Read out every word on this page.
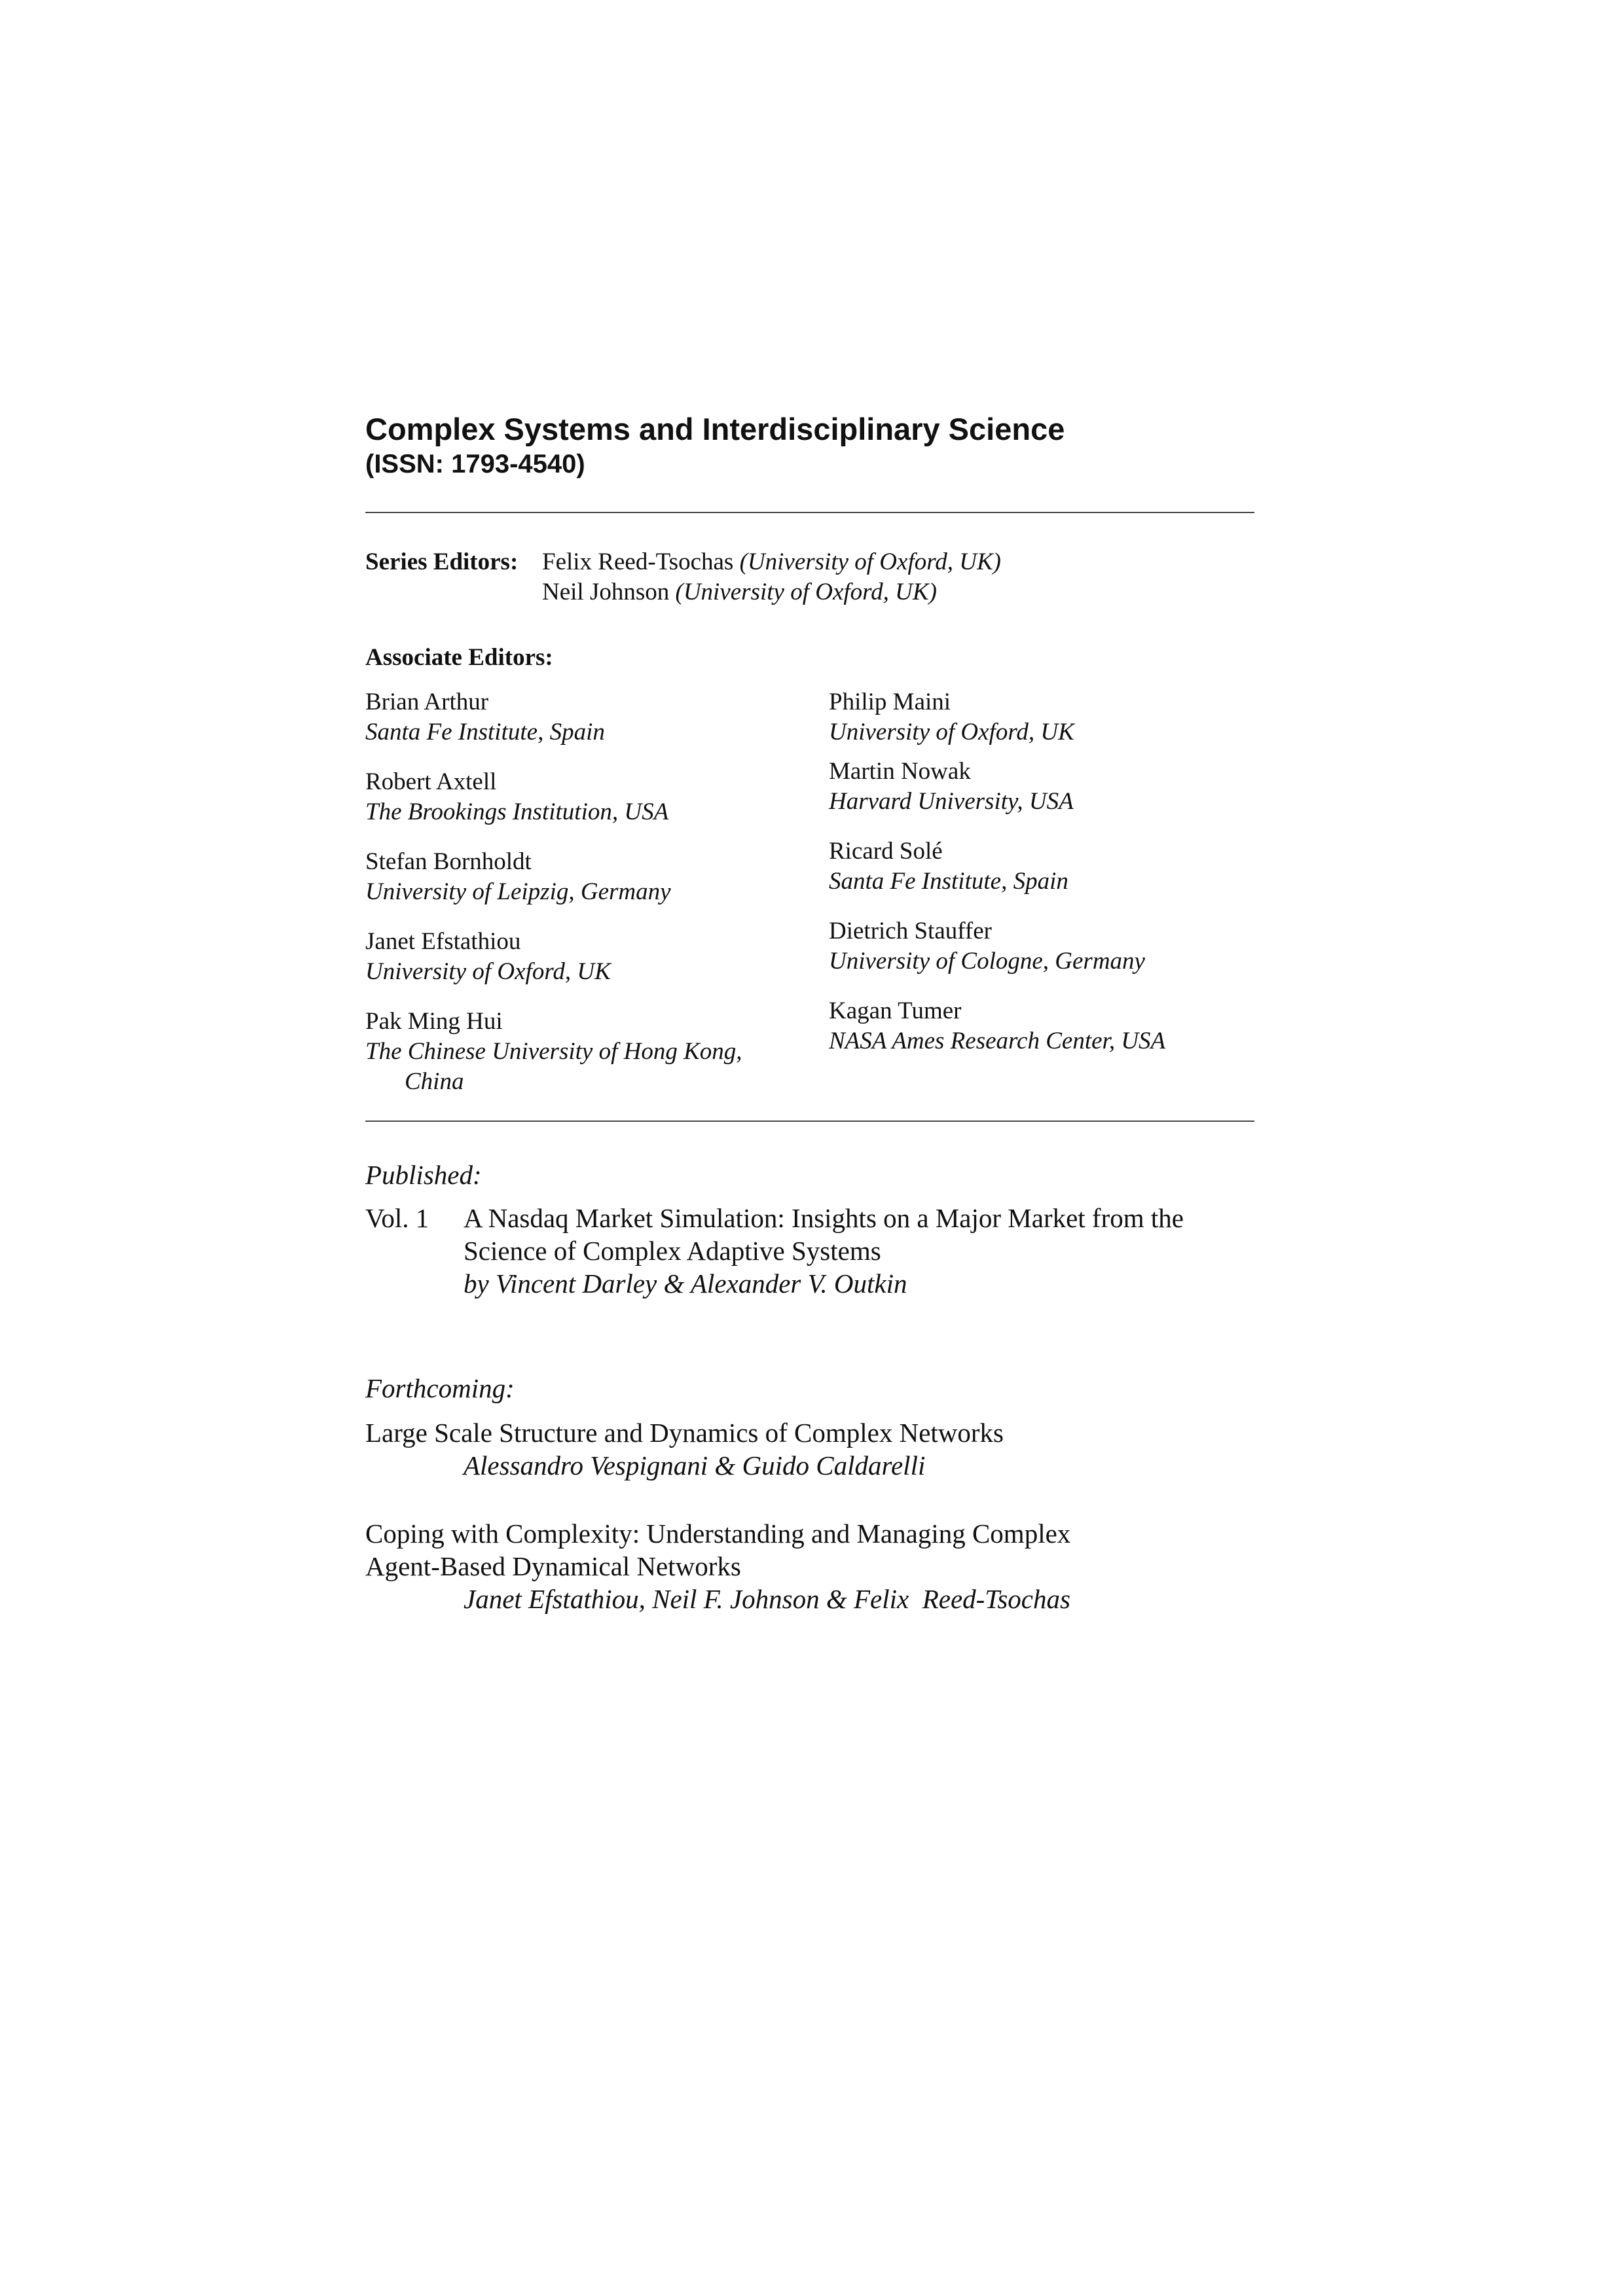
Complex Systems and Interdisciplinary Science
(ISSN: 1793-4540)
Series Editors: Felix Reed-Tsochas (University of Oxford, UK)
Neil Johnson (University of Oxford, UK)
Associate Editors:
Brian Arthur
Santa Fe Institute, Spain
Robert Axtell
The Brookings Institution, USA
Stefan Bornholdt
University of Leipzig, Germany
Janet Efstathiou
University of Oxford, UK
Pak Ming Hui
The Chinese University of Hong Kong,
China
Philip Maini
University of Oxford, UK
Martin Nowak
Harvard University, USA
Ricard Solé
Santa Fe Institute, Spain
Dietrich Stauffer
University of Cologne, Germany
Kagan Tumer
NASA Ames Research Center, USA
Published:
Vol. 1 A Nasdaq Market Simulation: Insights on a Major Market from the
Science of Complex Adaptive Systems
by Vincent Darley & Alexander V. Outkin
Forthcoming:
Large Scale Structure and Dynamics of Complex Networks
Alessandro Vespignani & Guido Caldarelli
Coping with Complexity: Understanding and Managing Complex
Agent-Based Dynamical Networks
Janet Efstathiou, Neil F. Johnson & Felix  Reed-Tsochas
